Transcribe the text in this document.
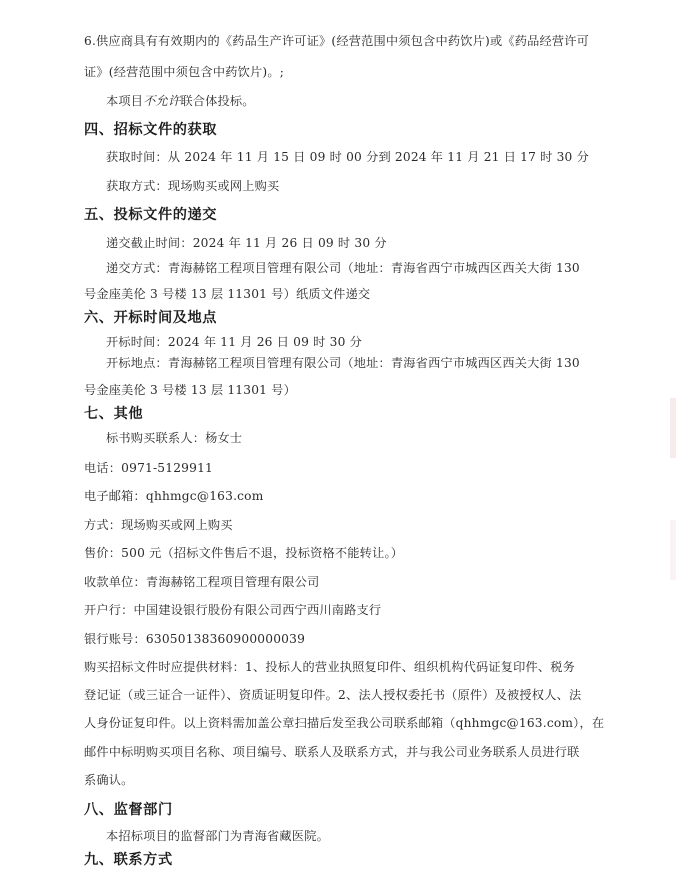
6.供应商具有有效期内的《药品生产许可证》(经营范围中须包含中药饮片)或《药品经营许可
证》(经营范围中须包含中药饮片)。;
本项目不允许联合体投标。
四、招标文件的获取
获取时间：从 2024 年 11 月 15 日 09 时 00 分到 2024 年 11 月 21 日 17 时 30 分
获取方式：现场购买或网上购买
五、投标文件的递交
递交截止时间：2024 年 11 月 26 日 09 时 30 分
递交方式：青海赫铭工程项目管理有限公司（地址：青海省西宁市城西区西关大街 130
号金座美伦 3 号楼 13 层 11301 号）纸质文件递交
六、开标时间及地点
开标时间：2024 年 11 月 26 日 09 时 30 分
开标地点：青海赫铭工程项目管理有限公司（地址：青海省西宁市城西区西关大街 130
号金座美伦 3 号楼 13 层 11301 号）
七、其他
标书购买联系人：杨女士
电话：0971-5129911
电子邮箱：qhhmgc@163.com
方式：现场购买或网上购买
售价：500 元（招标文件售后不退，投标资格不能转让。）
收款单位：青海赫铭工程项目管理有限公司
开户行：中国建设银行股份有限公司西宁西川南路支行
银行账号：63050138360900000039
购买招标文件时应提供材料：1、投标人的营业执照复印件、组织机构代码证复印件、税务
登记证（或三证合一证件）、资质证明复印件。2、法人授权委托书（原件）及被授权人、法
人身份证复印件。以上资料需加盖公章扫描后发至我公司联系邮箱（qhhmgc@163.com），在
邮件中标明购买项目名称、项目编号、联系人及联系方式，并与我公司业务联系人员进行联
系确认。
八、监督部门
本招标项目的监督部门为青海省藏医院。
九、联系方式
